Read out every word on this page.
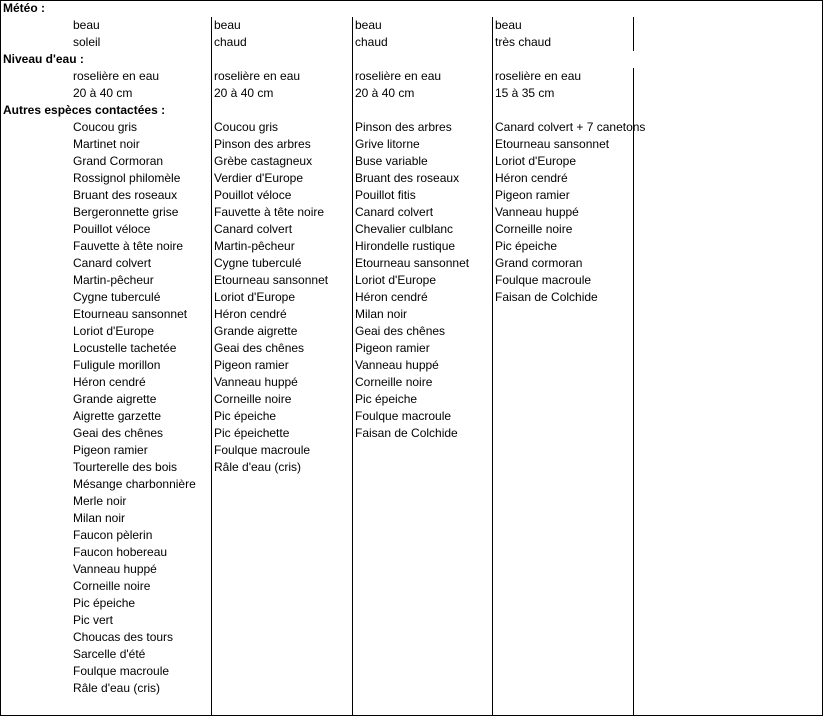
Météo :
Niveau d'eau :
Autres espèces contactées :
beau
soleil
beau
chaud
beau
chaud
beau
très chaud
roselière en eau
20 à 40 cm
roselière en eau
20 à 40 cm
roselière en eau
20 à 40 cm
roselière en eau
15 à 35 cm
Coucou gris
Martinet noir
Grand Cormoran
Rossignol philomèle
Bruant des roseaux
Bergeronnette grise
Pouillot véloce
Fauvette à tête noire
Canard colvert
Martin-pêcheur
Cygne tuberculé
Etourneau sansonnet
Loriot d'Europe
Locustelle tachetée
Fuligule morillon
Héron cendré
Grande aigrette
Aigrette garzette
Geai des chênes
Pigeon ramier
Tourterelle des bois
Mésange charbonnière
Merle noir
Milan noir
Faucon pèlerin
Faucon hobereau
Vanneau huppé
Corneille noire
Pic épeiche
Pic vert
Choucas des tours
Sarcelle d'été
Foulque macroule
Râle d'eau (cris)
Coucou gris
Pinson des arbres
Grèbe castagneux
Verdier d'Europe
Pouillot véloce
Fauvette à tête noire
Canard colvert
Martin-pêcheur
Cygne tuberculé
Etourneau sansonnet
Loriot d'Europe
Héron cendré
Grande aigrette
Geai des chênes
Pigeon ramier
Vanneau huppé
Corneille noire
Pic épeiche
Pic épeichette
Foulque macroule
Râle d'eau (cris)
Pinson des arbres
Grive litorne
Buse variable
Bruant des roseaux
Pouillot fitis
Canard colvert
Chevalier culblanc
Hirondelle rustique
Etourneau sansonnet
Loriot d'Europe
Héron cendré
Milan noir
Geai des chênes
Pigeon ramier
Vanneau huppé
Corneille noire
Pic épeiche
Foulque macroule
Faisan de Colchide
Canard colvert + 7 canetons
Etourneau sansonnet
Loriot d'Europe
Héron cendré
Pigeon ramier
Vanneau huppé
Corneille noire
Pic épeiche
Grand cormoran
Foulque macroule
Faisan de Colchide
